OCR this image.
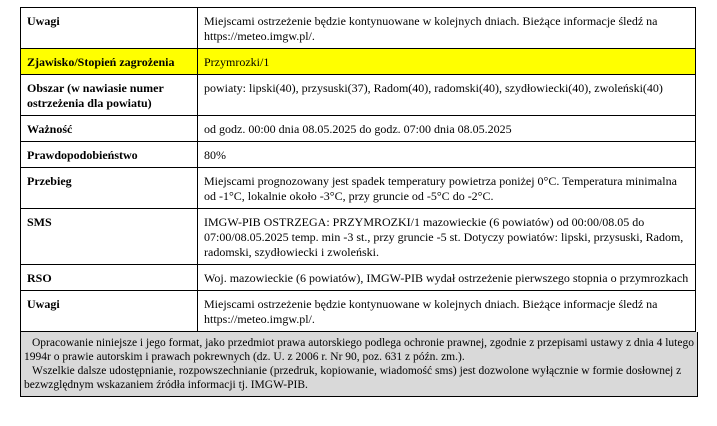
Uwagi	Miejscami ostrzeżenie będzie kontynuowane w kolejnych dniach. Bieżące informacje śledź na https://meteo.imgw.pl/.
Zjawisko/Stopień zagrożenia	Przymrozki/1
Obszar (w nawiasie numer ostrzeżenia dla powiatu)	powiaty: lipski(40), przysuski(37), Radom(40), radomski(40), szydłowiecki(40), zwoleński(40)
Ważność	od godz. 00:00 dnia 08.05.2025 do godz. 07:00 dnia 08.05.2025
Prawdopodobieństwo	80%
Przebieg	Miejscami prognozowany jest spadek temperatury powietrza poniżej 0°C. Temperatura minimalna od -1°C, lokalnie około -3°C, przy gruncie od -5°C do -2°C.
SMS	IMGW-PIB OSTRZEGA: PRZYMROZKI/1 mazowieckie (6 powiatów) od 00:00/08.05 do 07:00/08.05.2025 temp. min -3 st., przy gruncie -5 st. Dotyczy powiatów: lipski, przysuski, Radom, radomski, szydłowiecki i zwoleński.
RSO	Woj. mazowieckie (6 powiatów), IMGW-PIB wydał ostrzeżenie pierwszego stopnia o przymrozkach
Uwagi	Miejscami ostrzeżenie będzie kontynuowane w kolejnych dniach. Bieżące informacje śledź na https://meteo.imgw.pl/.

Opracowanie niniejsze i jego format, jako przedmiot prawa autorskiego podlega ochronie prawnej, zgodnie z przepisami ustawy z dnia 4 lutego 1994r o prawie autorskim i prawach pokrewnych (dz. U. z 2006 r. Nr 90, poz. 631 z późn. zm.).

Wszelkie dalsze udostępnianie, rozpowszechnianie (przedruk, kopiowanie, wiadomość sms) jest dozwolone wyłącznie w formie dosłownej z bezwzględnym wskazaniem źródła informacji tj. IMGW-PIB.
